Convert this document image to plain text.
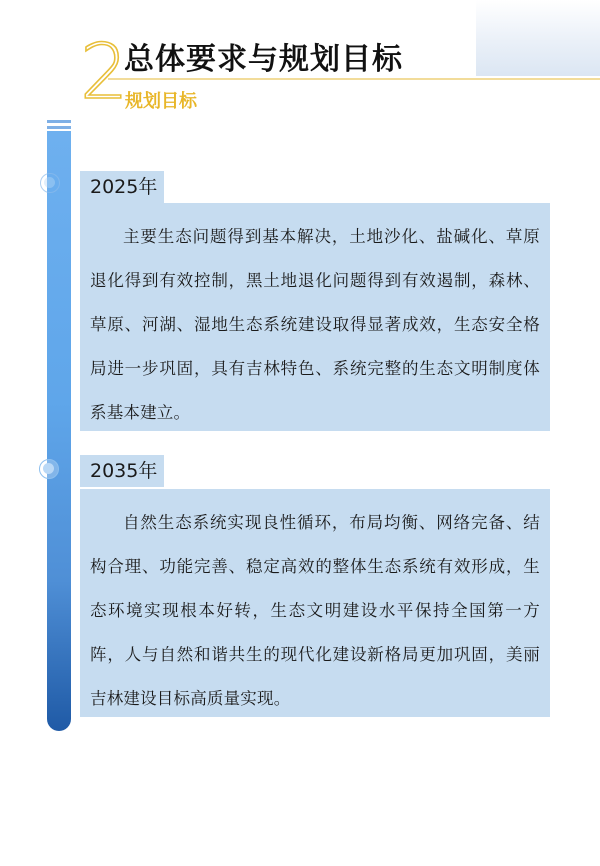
2
总体要求与规划目标
规划目标
2025年

主要生态问题得到基本解决，土地沙化、盐碱化、草原退化得到有效控制，黑土地退化问题得到有效遏制，森林、草原、河湖、湿地生态系统建设取得显著成效，生态安全格局进一步巩固，具有吉林特色、系统完整的生态文明制度体系基本建立。

2035年

自然生态系统实现良性循环，布局均衡、网络完备、结构合理、功能完善、稳定高效的整体生态系统有效形成，生态环境实现根本好转，生态文明建设水平保持全国第一方阵，人与自然和谐共生的现代化建设新格局更加巩固，美丽吉林建设目标高质量实现。
